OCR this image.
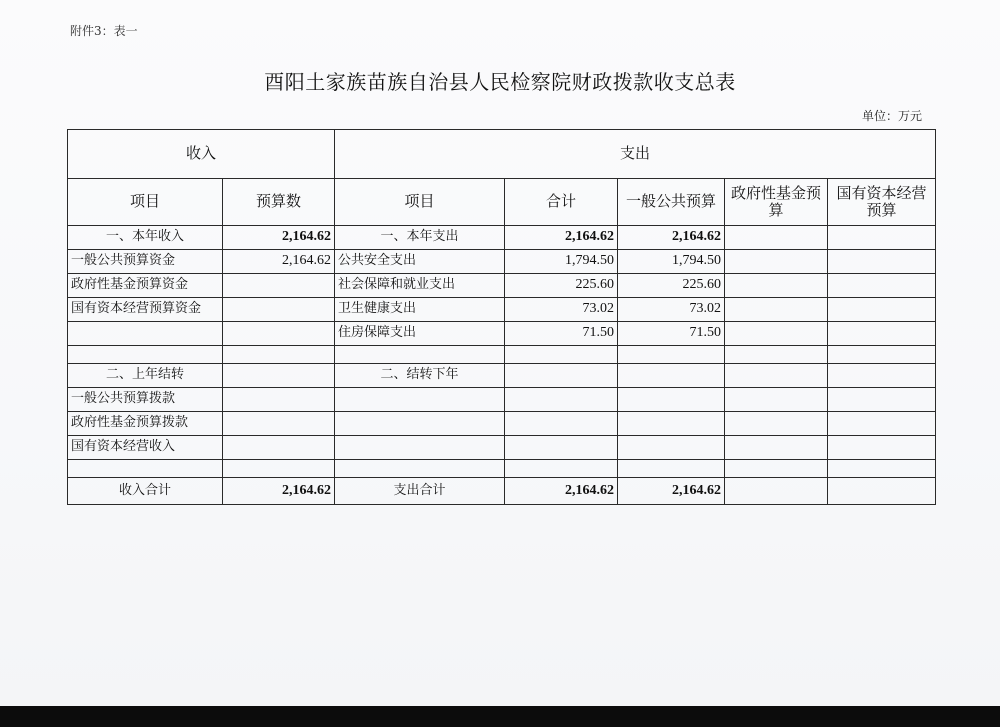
附件3：表一
酉阳土家族苗族自治县人民检察院财政拨款收支总表
单位：万元
收入		支出				
项目	预算数	项目	合计	一般公共预算	政府性基金预算	国有资本经营预算
一、本年收入	2,164.62	一、本年支出	2,164.62	2,164.62		
一般公共预算资金	2,164.62	公共安全支出	1,794.50	1,794.50		
政府性基金预算资金		社会保障和就业支出	225.60	225.60		
国有资本经营预算资金		卫生健康支出	73.02	73.02		
		住房保障支出	71.50	71.50		

二、上年结转		二、结转下年				
一般公共预算拨款						
政府性基金预算拨款						
国有资本经营收入						

收入合计	2,164.62	支出合计	2,164.62	2,164.62		
